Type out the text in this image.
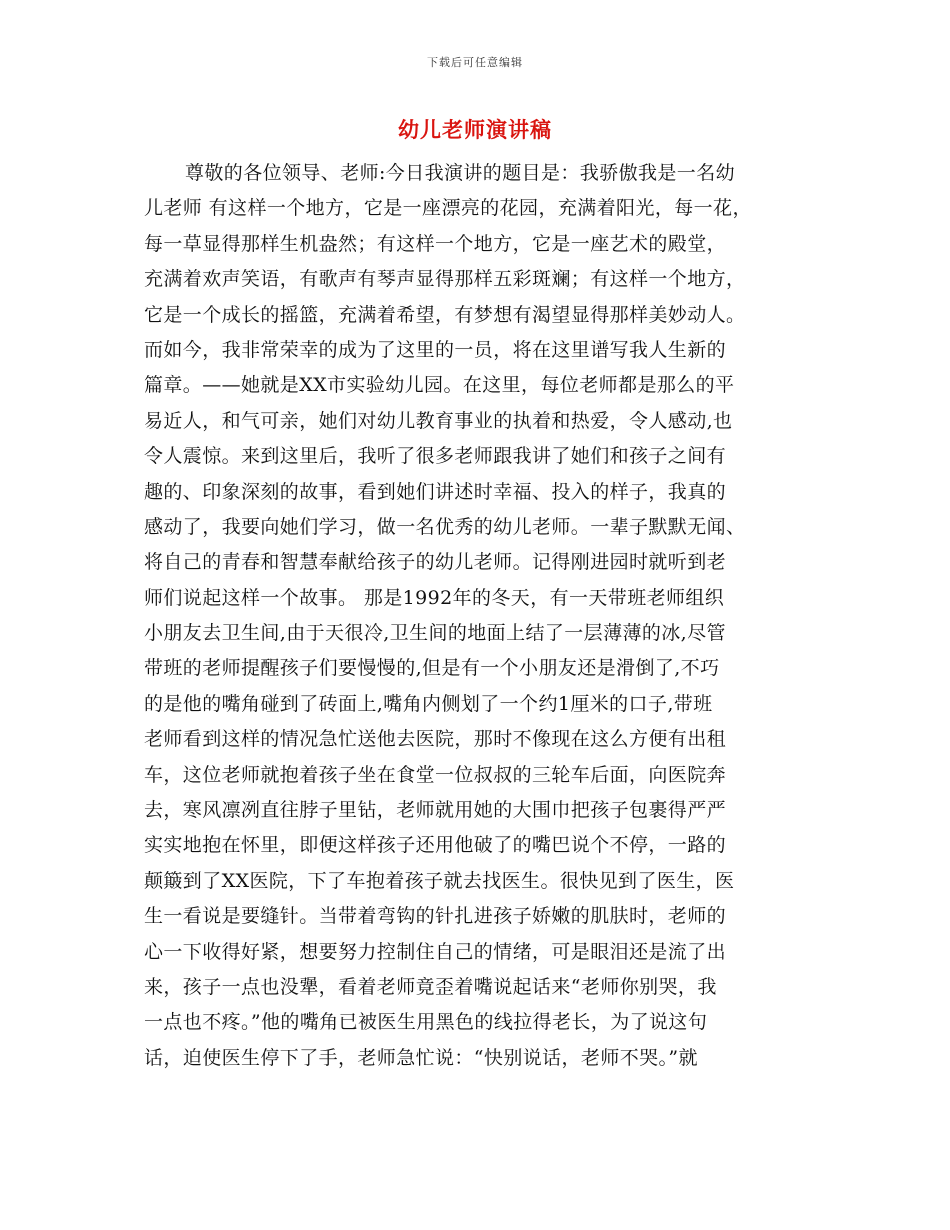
下载后可任意编辑
幼儿老师演讲稿
尊敬的各位领导、老师:今日我演讲的题目是：我骄傲我是一名幼
儿老师 有这样一个地方，它是一座漂亮的花园，充满着阳光，每一花，
每一草显得那样生机盎然；有这样一个地方，它是一座艺术的殿堂，
充满着欢声笑语，有歌声有琴声显得那样五彩斑斓；有这样一个地方，
它是一个成长的摇篮，充满着希望，有梦想有渴望显得那样美妙动人。
而如今，我非常荣幸的成为了这里的一员，将在这里谱写我人生新的
篇章。——她就是XX市实验幼儿园。在这里，每位老师都是那么的平
易近人，和气可亲，她们对幼儿教育事业的执着和热爱，令人感动,也
令人震惊。来到这里后，我听了很多老师跟我讲了她们和孩子之间有
趣的、印象深刻的故事，看到她们讲述时幸福、投入的样子，我真的
感动了，我要向她们学习，做一名优秀的幼儿老师。一辈子默默无闻、
将自己的青春和智慧奉献给孩子的幼儿老师。记得刚进园时就听到老
师们说起这样一个故事。 那是1992年的冬天，有一天带班老师组织
小朋友去卫生间,由于天很冷,卫生间的地面上结了一层薄薄的冰,尽管
带班的老师提醒孩子们要慢慢的,但是有一个小朋友还是滑倒了,不巧
的是他的嘴角碰到了砖面上,嘴角内侧划了一个约1厘米的口子,带班
老师看到这样的情况急忙送他去医院，那时不像现在这么方便有出租
车，这位老师就抱着孩子坐在食堂一位叔叔的三轮车后面，向医院奔
去，寒风凛冽直往脖子里钻，老师就用她的大围巾把孩子包裹得严严
实实地抱在怀里，即便这样孩子还用他破了的嘴巴说个不停，一路的
颠簸到了XX医院，下了车抱着孩子就去找医生。很快见到了医生，医
生一看说是要缝针。当带着弯钩的针扎进孩子娇嫩的肌肤时，老师的
心一下收得好紧，想要努力控制住自己的情绪，可是眼泪还是流了出
来，孩子一点也没犟，看着老师竟歪着嘴说起话来“老师你别哭，我
一点也不疼。”他的嘴角已被医生用黑色的线拉得老长，为了说这句
话，迫使医生停下了手，老师急忙说：“快别说话，老师不哭。”就
